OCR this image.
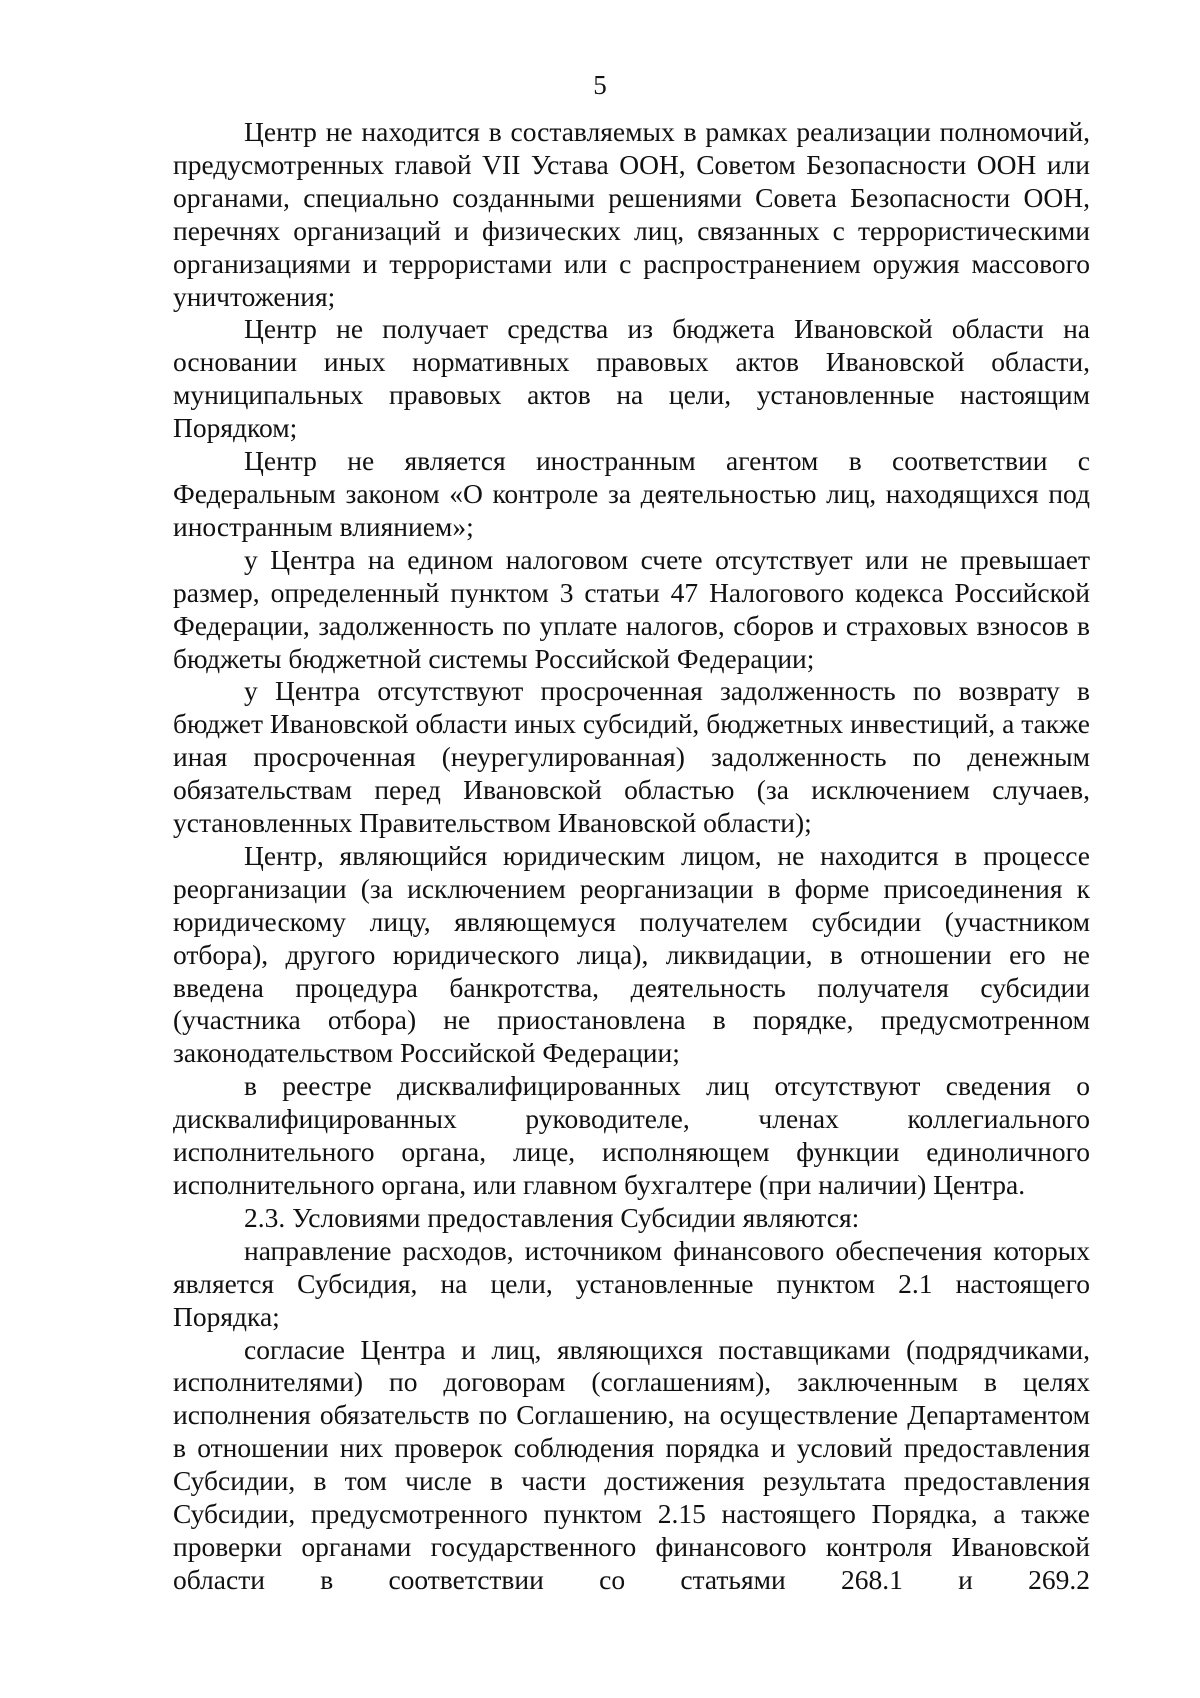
5

Центр не находится в составляемых в рамках реализации полномочий, предусмотренных главой VII Устава ООН, Советом Безопасности ООН или органами, специально созданными решениями Совета Безопасности ООН, перечнях организаций и физических лиц, связанных с террористическими организациями и террористами или с распространением оружия массового уничтожения;

Центр не получает средства из бюджета Ивановской области на основании иных нормативных правовых актов Ивановской области, муниципальных правовых актов на цели, установленные настоящим Порядком;

Центр не является иностранным агентом в соответствии с Федеральным законом «О контроле за деятельностью лиц, находящихся под иностранным влиянием»;

у Центра на едином налоговом счете отсутствует или не превышает размер, определенный пунктом 3 статьи 47 Налогового кодекса Российской Федерации, задолженность по уплате налогов, сборов и страховых взносов в бюджеты бюджетной системы Российской Федерации;

у Центра отсутствуют просроченная задолженность по возврату в бюджет Ивановской области иных субсидий, бюджетных инвестиций, а также иная просроченная (неурегулированная) задолженность по денежным обязательствам перед Ивановской областью (за исключением случаев, установленных Правительством Ивановской области);

Центр, являющийся юридическим лицом, не находится в процессе реорганизации (за исключением реорганизации в форме присоединения к юридическому лицу, являющемуся получателем субсидии (участником отбора), другого юридического лица), ликвидации, в отношении его не введена процедура банкротства, деятельность получателя субсидии (участника отбора) не приостановлена в порядке, предусмотренном законодательством Российской Федерации;

в реестре дисквалифицированных лиц отсутствуют сведения о дисквалифицированных руководителе, членах коллегиального исполнительного органа, лице, исполняющем функции единоличного исполнительного органа, или главном бухгалтере (при наличии) Центра.

2.3. Условиями предоставления Субсидии являются:

направление расходов, источником финансового обеспечения которых является Субсидия, на цели, установленные пунктом 2.1 настоящего Порядка;

согласие Центра и лиц, являющихся поставщиками (подрядчиками, исполнителями) по договорам (соглашениям), заключенным в целях исполнения обязательств по Соглашению, на осуществление Департаментом в отношении них проверок соблюдения порядка и условий предоставления Субсидии, в том числе в части достижения результата предоставления Субсидии, предусмотренного пунктом 2.15 настоящего Порядка, а также проверки органами государственного финансового контроля Ивановской области в соответствии со статьями 268.1 и 269.2
